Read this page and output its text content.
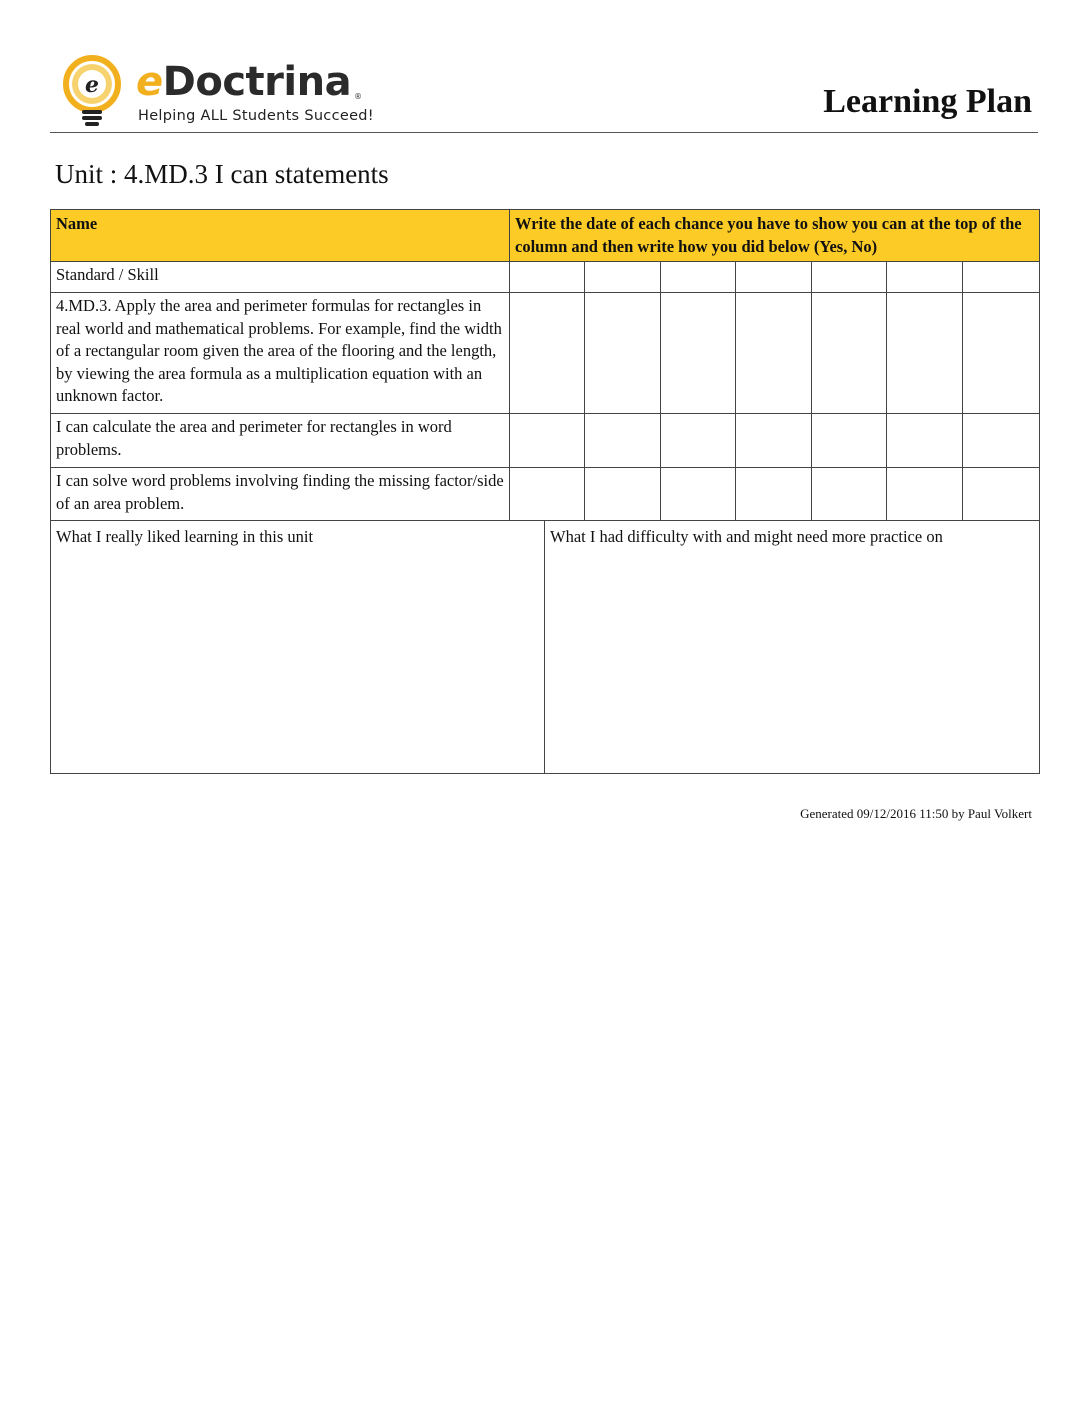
e eDoctrina ®
Helping ALL Students Succeed!	Learning Plan
Unit : 4.MD.3 I can statements
Name	Write the date of each chance you have to show you can at the top of the column and then write how you did below (Yes, No)						
Standard / Skill							
4.MD.3. Apply the area and perimeter formulas for rectangles in real world and mathematical problems. For example, find the width of a rectangular room given the area of the flooring and the length, by viewing the area formula as a multiplication equation with an unknown factor.							
I can calculate the area and perimeter for rectangles in word problems.							
I can solve word problems involving finding the missing factor/side of an area problem.							
What I really liked learning in this unit	What I had difficulty with and might need more practice on
Generated 09/12/2016 11:50 by Paul Volkert
